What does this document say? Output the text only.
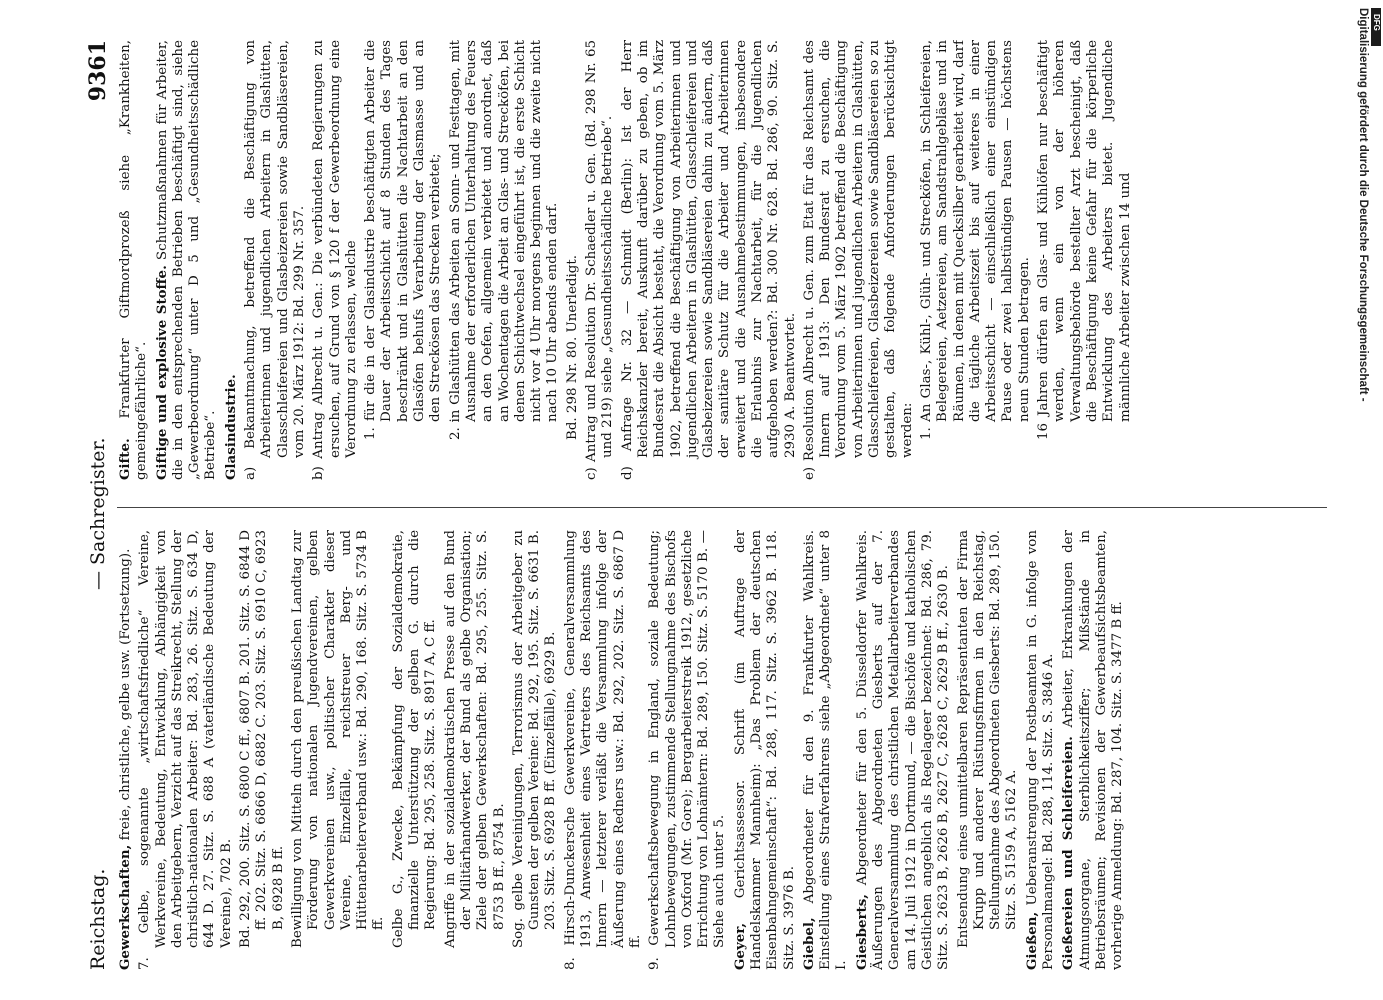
Reichstag.
— Sachregister.
9361

Gewerkschaften, freie, christliche, gelbe usw. (Fortsetzung). 7. Gelbe, sogenannte „wirtschaftsfriedliche“ Vereine, Werkvereine, Bedeutung, Entwicklung, Abhängigkeit von den Arbeitgebern, Verzicht auf das Streikrecht, Stellung der christlich-nationalen Arbeiter: Bd. 283, 26. Sitz. S. 634 D, 644 D. 27. Sitz. S. 688 A (vaterländische Bedeutung der Vereine), 702 B. Bd. 292, 200. Sitz. S. 6800 C ff., 6807 B. 201. Sitz. S. 6844 D ff. 202. Sitz. S. 6866 D, 6882 C. 203. Sitz. S. 6910 C, 6923 B, 6928 B ff. Bewilligung von Mitteln durch den preußischen Landtag zur Förderung von nationalen Jugendvereinen, gelben Gewerkvereinen usw., politischer Charakter dieser Vereine, Einzelfälle, reichstreuer Berg- und Hüttenarbeiterverband usw.: Bd. 290, 168. Sitz. S. 5734 B ff. Gelbe G., Zwecke, Bekämpfung der Sozialdemokratie, finanzielle Unterstützung der gelben G. durch die Regierung: Bd. 295, 258. Sitz. S. 8917 A, C ff. Angriffe in der sozialdemokratischen Presse auf den Bund der Militärhandwerker, der Bund als gelbe Organisation; Ziele der gelben Gewerkschaften: Bd. 295, 255. Sitz. S. 8753 B ff., 8754 B. Sog. gelbe Vereinigungen, Terrorismus der Arbeitgeber zu Gunsten der gelben Vereine: Bd. 292, 195. Sitz. S. 6631 B. 203. Sitz. S. 6928 B ff. (Einzelfälle), 6929 B. 8. Hirsch-Dunckersche Gewerkvereine, Generalversammlung 1913, Anwesenheit eines Vertreters des Reichsamts des Innern — letzterer verläßt die Versammlung infolge der Äußerung eines Redners usw.: Bd. 292, 202. Sitz. S. 6867 D ff. 9. Gewerkschaftsbewegung in England, soziale Bedeutung; Lohnbewegungen, zustimmende Stellungnahme des Bischofs von Oxford (Mr. Gore); Bergarbeiterstreik 1912, gesetzliche Errichtung von Lohnämtern: Bd. 289, 150. Sitz. S. 5170 B. — Siehe auch unter 5. Geyer, Gerichtsassessor. Schrift (im Auftrage der Handelskammer Mannheim): „Das Problem der deutschen Eisenbahngemeinschaft“: Bd. 288, 117. Sitz. S. 3962 B. 118. Sitz. S. 3976 B. Giebel, Abgeordneter für den 9. Frankfurter Wahlkreis. Einstellung eines Strafverfahrens siehe „Abgeordnete“ unter 8 I. Giesberts, Abgeordneter für den 5. Düsseldorfer Wahlkreis. Äußerungen des Abgeordneten Giesberts auf der 7. Generalversammlung des christlichen Metallarbeiterverbandes am 14. Juli 1912 in Dortmund, — die Bischöfe und katholischen Geistlichen angeblich als Regelageer bezeichnet: Bd. 286, 79. Sitz. S. 2623 B, 2626 B, 2627 C, 2628 C, 2629 B ff., 2630 B. Entsendung eines unmittelbaren Repräsentanten der Firma Krupp und anderer Rüstungsfirmen in den Reichstag, Stellungnahme des Abgeordneten Giesberts: Bd. 289, 150. Sitz. S. 5159 A, 5162 A.

Gießen, Ueberanstrengung der Postbeamten in G. infolge von Personalmangel: Bd. 288, 114. Sitz. S. 3846 A. Gießereien und Schleifereien. Arbeiter, Erkrankungen der Atmungsorgane, Sterblichkeitsziffer; Mißstände in Betriebsräumen; Revisionen der Gewerbeaufsichtsbeamten, vorherige Anmeldung: Bd. 287, 104. Sitz. S. 3477 B ff.

Gifte. Frankfurter Giftmordprozeß siehe „Krankheiten, gemeingefährliche“. Giftige und explosive Stoffe. Schutzmaßnahmen für Arbeiter, die in den entsprechenden Betrieben beschäftigt sind, siehe „Gewerbeordnung“ unter D 5 und „Gesundheitsschädliche Betriebe“. Glasindustrie. a) Bekanntmachung, betreffend die Beschäftigung von Arbeiterinnen und jugendlichen Arbeitern in Glashütten, Glasschleifereien und Glasbeizereien sowie Sandbläsereien, vom 20. März 1912: Bd. 299 Nr. 357. b) Antrag Albrecht u. Gen.: Die verbündeten Regierungen zu ersuchen, auf Grund von § 120 f der Gewerbeordnung eine Verordnung zu erlassen, welche 1. für die in der Glasindustrie beschäftigten Arbeiter die Dauer der Arbeitsschicht auf 8 Stunden des Tages beschränkt und in Glashütten die Nachtarbeit an den Glasöfen behufs Verarbeitung der Glasmasse und an den Streckösen das Strecken verbietet; 2. in Glashütten das Arbeiten an Sonn- und Festtagen, mit Ausnahme der erforderlichen Unterhaltung des Feuers an den Oefen, allgemein verbietet und anordnet, daß an Wochentagen die Arbeit an Glas- und Strecköfen, bei denen Schichtwechsel eingeführt ist, die erste Schicht nicht vor 4 Uhr morgens beginnen und die zweite nicht nach 10 Uhr abends enden darf. Bd. 298 Nr. 80. Unerledigt. c) Antrag und Resolution Dr. Schaedler u. Gen. (Bd. 298 Nr. 65 und 219) siehe „Gesundheitsschädliche Betriebe“. d) Anfrage Nr. 32 — Schmidt (Berlin): Ist der Herr Reichskanzler bereit, Auskunft darüber zu geben, ob im Bundesrat die Absicht besteht, die Verordnung vom 5. März 1902, betreffend die Beschäftigung von Arbeiterinnen und jugendlichen Arbeitern in Glashütten, Glasschleifereien und Glasbeizereien sowie Sandbläsereien dahin zu ändern, daß der sanitäre Schutz für die Arbeiter und Arbeiterinnen erweitert und die Ausnahmebestimmungen, insbesondere die Erlaubnis zur Nachtarbeit, für die Jugendlichen aufgehoben werden?: Bd. 300 Nr. 628. Bd. 286, 90. Sitz. S. 2930 A. Beantwortet. e) Resolution Albrecht u. Gen. zum Etat für das Reichsamt des Innern auf 1913: Den Bundesrat zu ersuchen, die Verordnung vom 5. März 1902 betreffend die Beschäftigung von Arbeiterinnen und jugendlichen Arbeitern in Glashütten, Glasschleifereien, Glasbeizereien sowie Sandbläsereien so zu gestalten, daß folgende Anforderungen berücksichtigt werden: 1. An Glas-, Kühl-, Glüh- und Strecköfen, in Schleifereien, Belegereien, Aetzereien, am Sandstrahlgebläse und in Räumen, in denen mit Quecksilber gearbeitet wird, darf die tägliche Arbeitszeit bis auf weiteres in einer Arbeitsschicht — einschließlich einer einstündigen Pause oder zwei halbstündigen Pausen — höchstens neun Stunden betragen. 16 Jahren dürfen an Glas- und Kühlöfen nur beschäftigt werden, wenn ein von der höheren Verwaltungsbehörde bestellter Arzt bescheinigt, daß die Beschäftigung keine Gefahr für die körperliche Entwicklung des Arbeiters bietet. Jugendliche männliche Arbeiter zwischen 14 und	Digitalisierung gefördert durch die Deutsche Forschungsgemeinschaft - DFG
